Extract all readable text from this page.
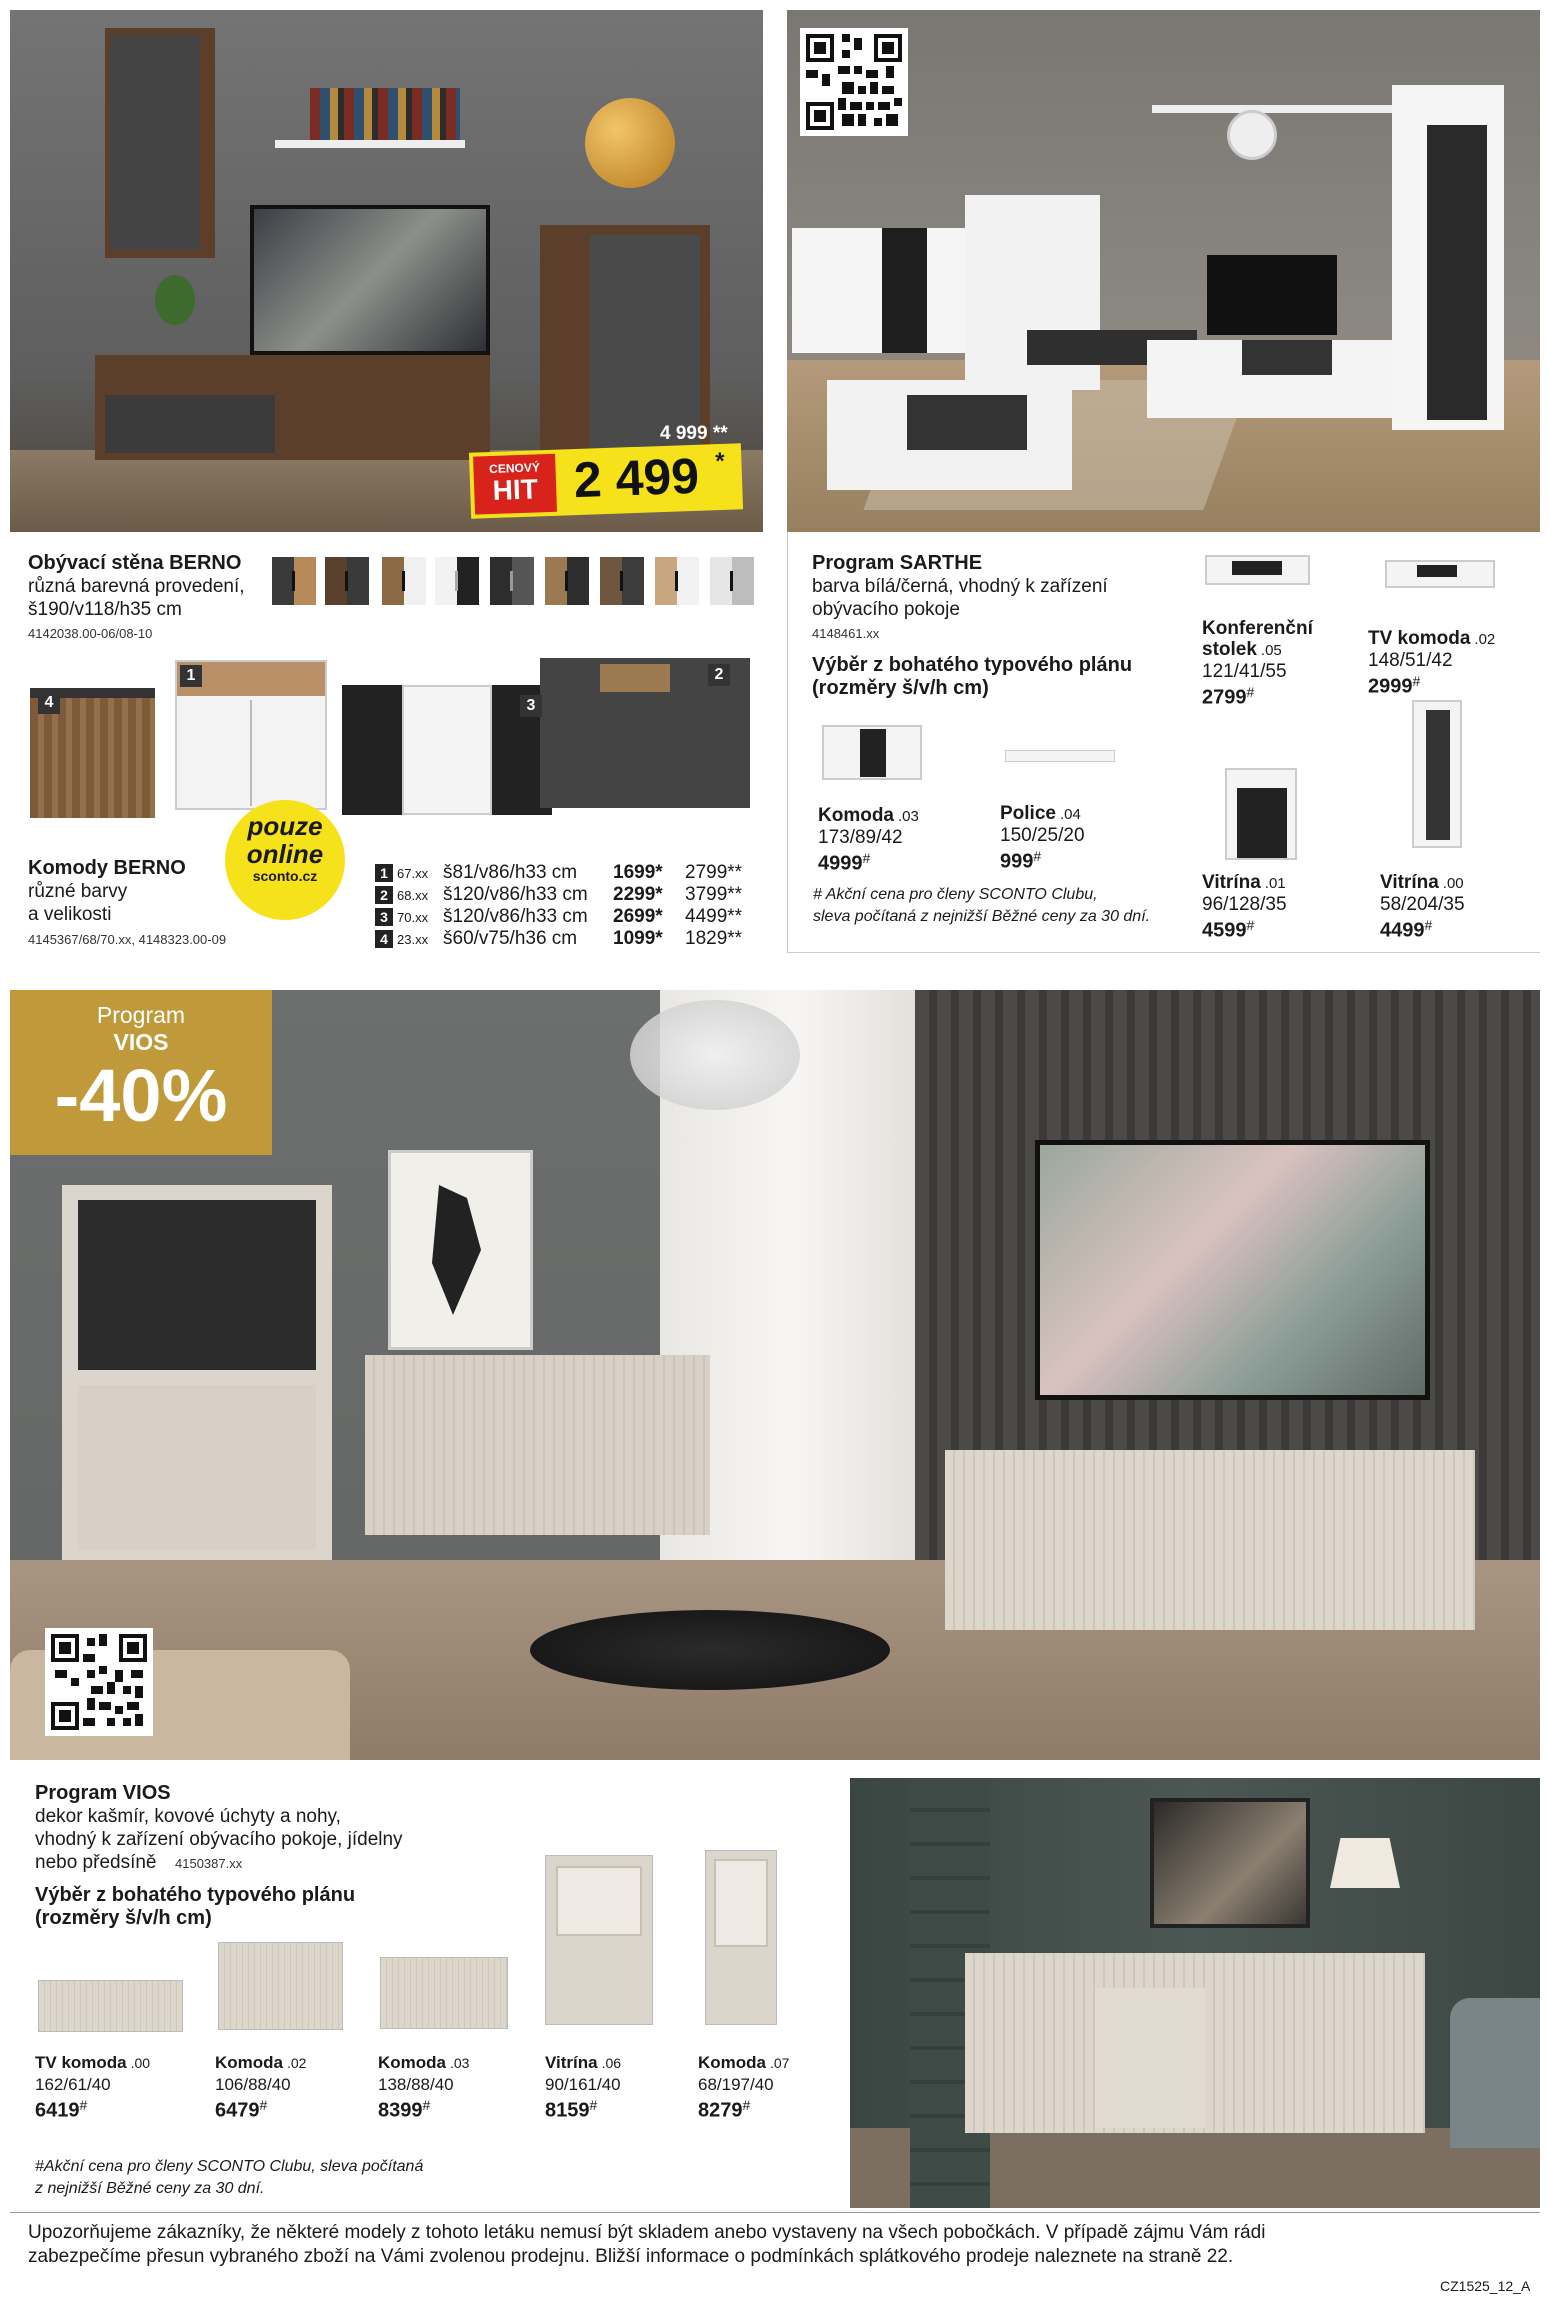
4 999 **
CENOVÝ
HIT 2 499 *
Obývací stěna BERNO
různá barevná provedení,
š190/v118/h35 cm
4142038.00-06/08-10
4
1
3
2
pouze
online
sconto.cz
Komody BERNO
různé barvy
a velikosti
4145367/68/70.xx, 4148323.00-09
1 67.xx š81/v86/h33 cm 1699* 2799**
2 68.xx š120/v86/h33 cm 2299* 3799**
3 70.xx š120/v86/h33 cm 2699* 4499**
4 23.xx š60/v75/h36 cm 1099* 1829**
Program SARTHE
barva bílá/černá, vhodný k zařízení
obývacího pokoje
4148461.xx
Výběr z bohatého typového plánu
(rozměry š/v/h cm)
Konferenční
stolek .05
121/41/55
2799#
TV komoda .02
148/51/42
2999#
Komoda .03
173/89/42
4999#
Police .04
150/25/20
999#
Vitrína .01
96/128/35
4599#
Vitrína .00
58/204/35
4499#
# Akční cena pro členy SCONTO Clubu,
sleva počítaná z nejnižší Běžné ceny za 30 dní.
Program
VIOS
-40%
Program VIOS
dekor kašmír, kovové úchyty a nohy,
vhodný k zařízení obývacího pokoje, jídelny
nebo předsíně 4150387.xx
Výběr z bohatého typového plánu
(rozměry š/v/h cm)
TV komoda .00
162/61/40
6419#
Komoda .02
106/88/40
6479#
Komoda .03
138/88/40
8399#
Vitrína .06
90/161/40
8159#
Komoda .07
68/197/40
8279#
#Akční cena pro členy SCONTO Clubu, sleva počítaná
z nejnižší Běžné ceny za 30 dní.
Upozorňujeme zákazníky, že některé modely z tohoto letáku nemusí být skladem anebo vystaveny na všech pobočkách. V případě zájmu Vám rádi
zabezpečíme přesun vybraného zboží na Vámi zvolenou prodejnu. Bližší informace o podmínkách splátkového prodeje naleznete na straně 22.
CZ1525_12_A
